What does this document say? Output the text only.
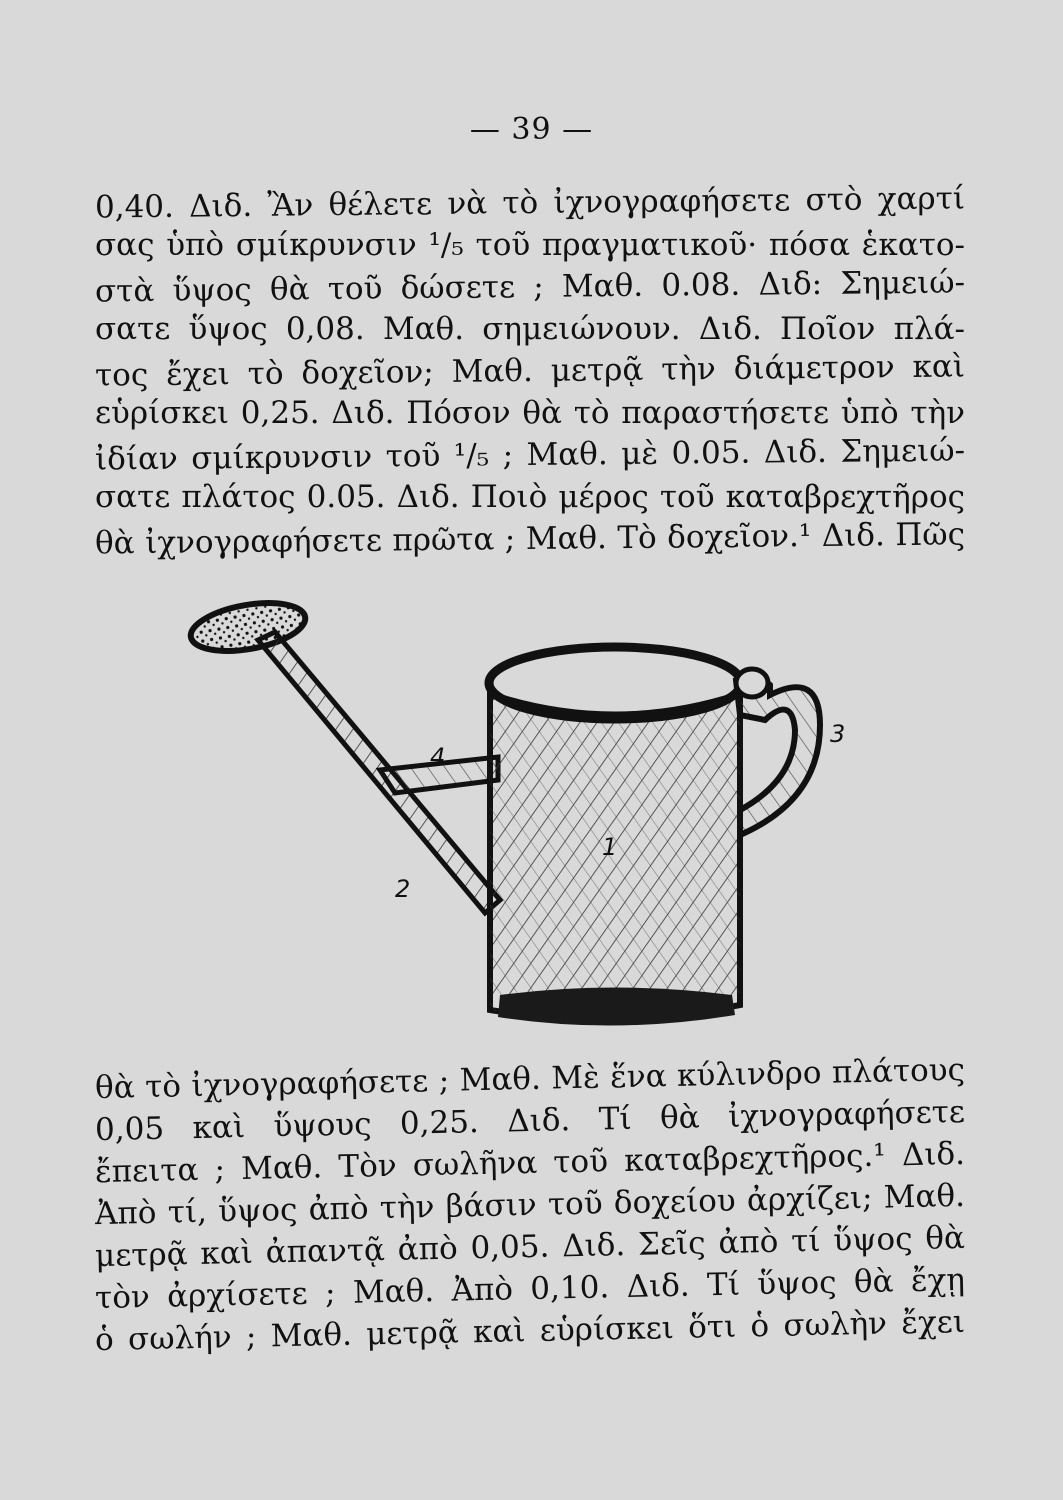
— 39 —
0,40. Διδ. Ἂν θέλετε νὰ τὸ ἰχνογραφήσετε στὸ χαρτί
σας ὑπὸ σμίκρυνσιν ¹/₅ τοῦ πραγματικοῦ· πόσα ἑκατο-
στὰ ὕψος θὰ τοῦ δώσετε ; Μαθ. 0.08. Διδ: Σημειώ-
σατε ὕψος 0,08. Μαθ. σημειώνουν. Διδ. Ποῖον πλά-
τος ἔχει τὸ δοχεῖον; Μαθ. μετρᾷ τὴν διάμετρον καὶ
εὑρίσκει 0,25. Διδ. Πόσον θὰ τὸ παραστήσετε ὑπὸ τὴν
ἰδίαν σμίκρυνσιν τοῦ ¹/₅ ; Μαθ. μὲ 0.05. Διδ. Σημειώ-
σατε πλάτος 0.05. Διδ. Ποιὸ μέρος τοῦ καταβρεχτῆρος
θὰ ἰχνογραφήσετε πρῶτα ; Μαθ. Τὸ δοχεῖον.¹ Διδ. Πῶς
1
2
3
4
θὰ τὸ ἰχνογραφήσετε ; Μαθ. Μὲ ἕνα κύλινδρο πλάτους
0,05 καὶ ὕψους 0,25. Διδ. Τί θὰ ἰχνογραφήσετε
ἔπειτα ; Μαθ. Τὸν σωλῆνα τοῦ καταβρεχτῆρος.¹ Διδ.
Ἀπὸ τί, ὕψος ἀπὸ τὴν βάσιν τοῦ δοχείου ἀρχίζει; Μαθ.
μετρᾷ καὶ ἀπαντᾷ ἀπὸ 0,05. Διδ. Σεῖς ἀπὸ τί ὕψος θὰ
τὸν ἀρχίσετε ; Μαθ. Ἀπὸ 0,10. Διδ. Τί ὕψος θὰ ἔχῃ
ὁ σωλήν ; Μαθ. μετρᾷ καὶ εὑρίσκει ὅτι ὁ σωλὴν ἔχει
